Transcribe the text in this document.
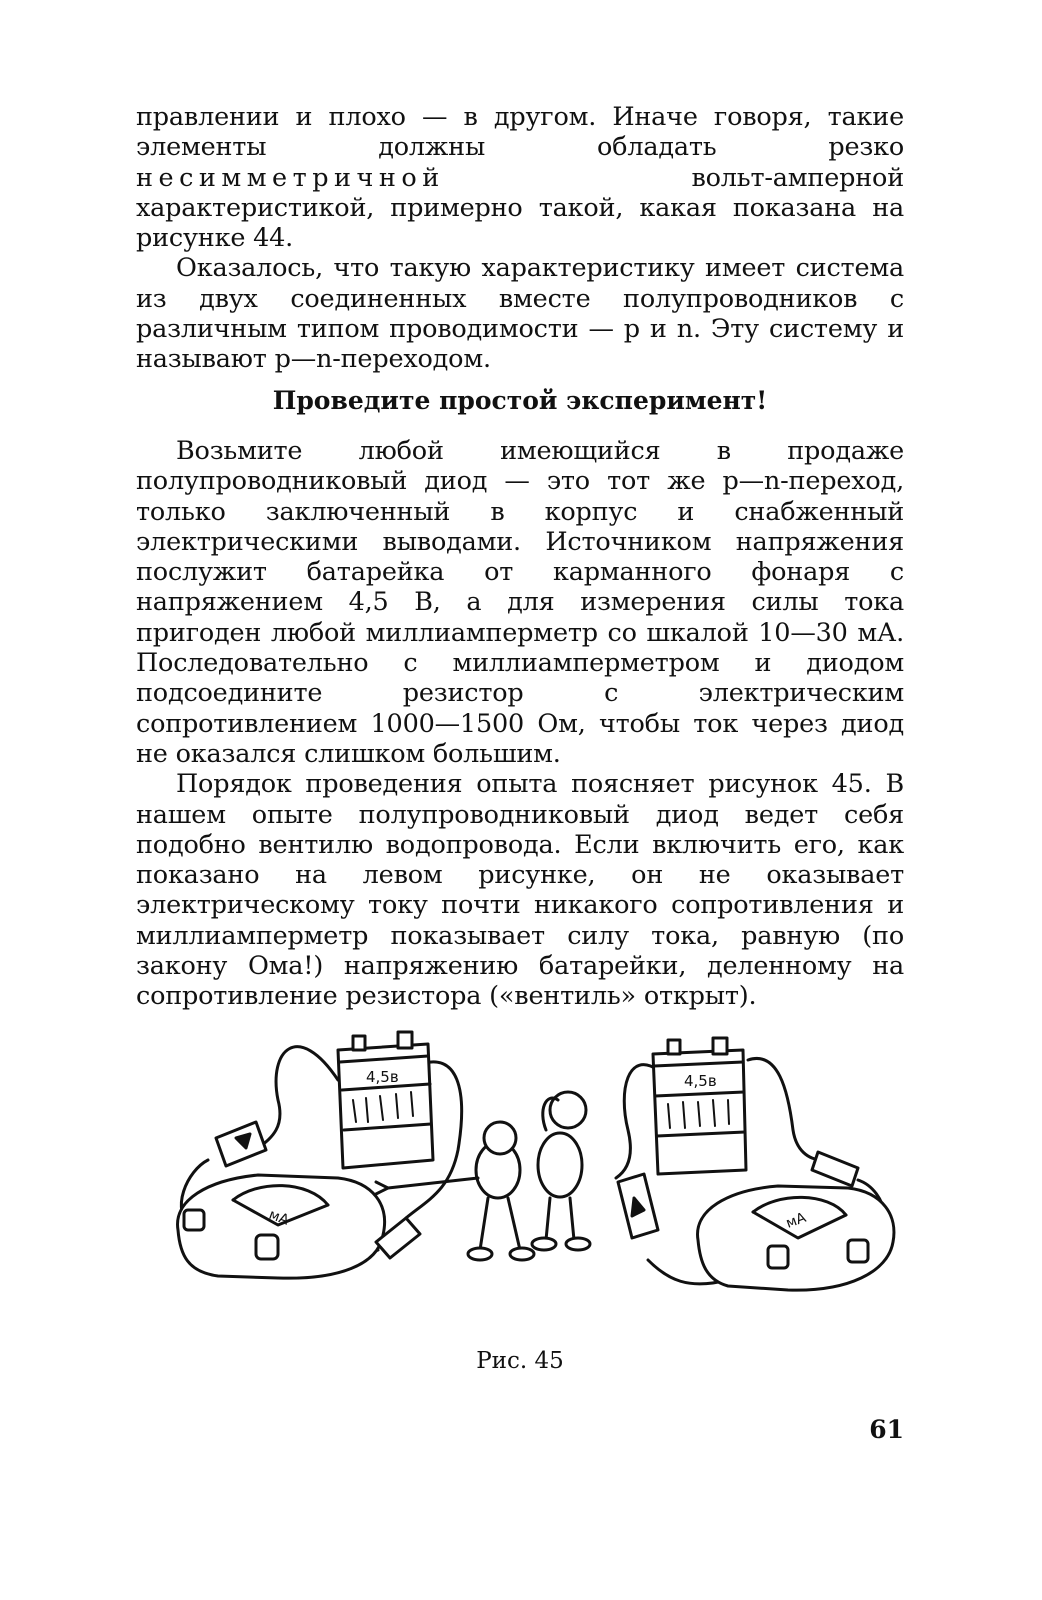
правлении и плохо — в другом. Иначе говоря, такие элементы должны обладать резко несимметричной вольт-амперной характеристикой, примерно такой, какая показана на рисунке 44.

Оказалось, что такую характеристику имеет система из двух соединенных вместе полупроводников с различным типом проводимости — p и n. Эту систему и называют p—n-переходом.

Проведите простой эксперимент!

Возьмите любой имеющийся в продаже полупроводниковый диод — это тот же p—n-переход, только заключенный в корпус и снабженный электрическими выводами. Источником напряжения послужит батарейка от карманного фонаря с напряжением 4,5 В, а для измерения силы тока пригоден любой миллиамперметр со шкалой 10—30 мА. Последовательно с миллиамперметром и диодом подсоедините резистор с электрическим сопротивлением 1000—1500 Ом, чтобы ток через диод не оказался слишком большим.

Порядок проведения опыта поясняет рисунок 45. В нашем опыте полупроводниковый диод ведет себя подобно вентилю водопровода. Если включить его, как показано на левом рисунке, он не оказывает электрическому току почти никакого сопротивления и миллиамперметр показывает силу тока, равную (по закону Ома!) напряжению батарейки, деленному на сопротивление резистора («вентиль» открыт).

4,5в	4,5в
мА	мА
Рис. 45
61
